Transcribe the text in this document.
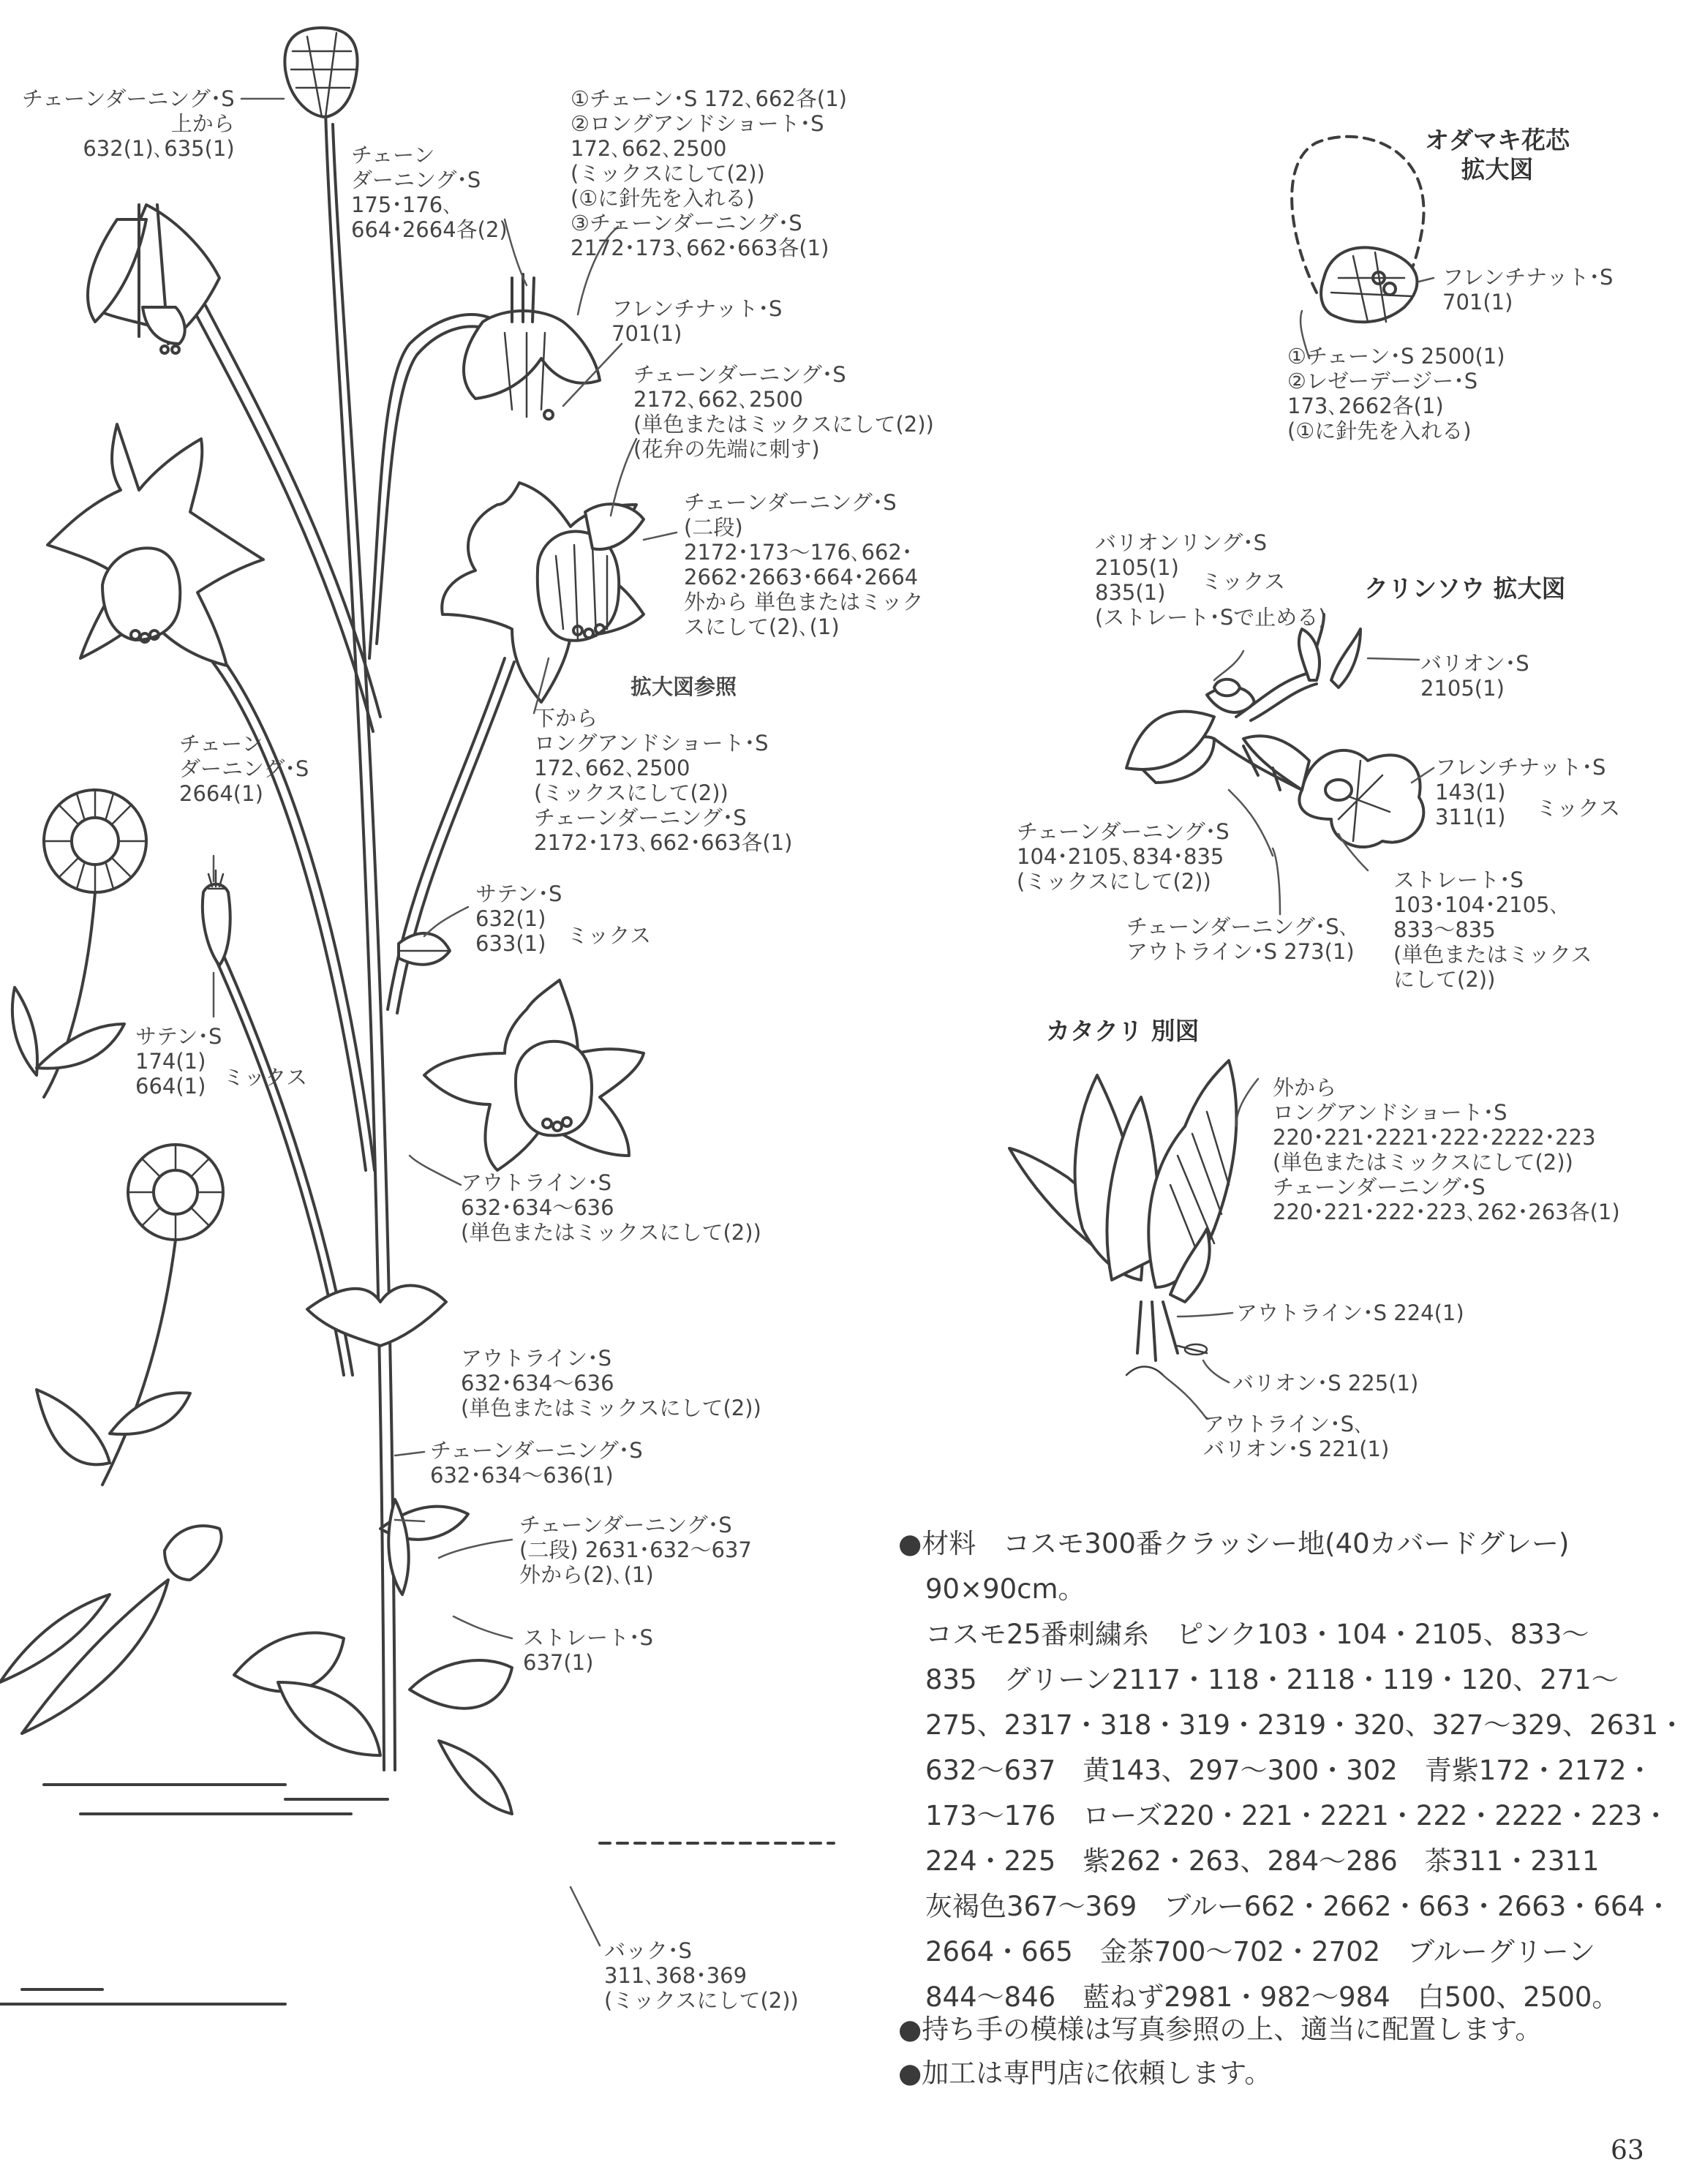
チェーンダーニング･S
上から
632(1)､635(1)	チェーン
ダーニング･S
175･176､
664･2664各(2)

①チェーン･S 172､662各(1)
②ロングアンドショート･S
172､662､2500
(ミックスにして(2))
(①に針先を入れる)
③チェーンダーニング･S
2172･173､662･663各(1)

フレンチナット･S
701(1)

チェーンダーニング･S
2172､662､2500
(単色またはミックスにして(2))
(花弁の先端に刺す)

チェーンダーニング･S
(二段)
2172･173～176､662･
2662･2663･664･2664
外から 単色またはミック
スにして(2)､(1)

拡大図参照

下から
ロングアンドショート･S
172､662､2500
(ミックスにして(2))
チェーンダーニング･S
2172･173､662･663各(1)

チェーン
ダーニング･S
2664(1)

サテン･S
632(1)
633(1) ミックス

サテン･S
174(1)
664(1) ミックス

アウトライン･S
632･634～636
(単色またはミックスにして(2))

アウトライン･S
632･634～636
(単色またはミックスにして(2))

チェーンダーニング･S
632･634～636(1)

チェーンダーニング･S
(二段) 2631･632～637
外から(2)､(1)

ストレート･S
637(1)

バック･S
311､368･369
(ミックスにして(2))

オダマキ花芯
拡大図

フレンチナット･S
701(1)

①チェーン･S 2500(1)
②レゼーデージー･S
173､2662各(1)
(①に針先を入れる)

バリオンリング･S
2105(1)
835(1)
(ストレート･Sで止める)

ミックス	クリンソウ 拡大図

バリオン･S
2105(1)

フレンチナット･S
143(1)
311(1)	ミックス

チェーンダーニング･S
104･2105､834･835
(ミックスにして(2))	ストレート･S
103･104･2105､
833～835
(単色またはミックス
にして(2))

チェーンダーニング･S､
アウトライン･S 273(1)

カタクリ 別図

外から
ロングアンドショート･S
220･221･2221･222･2222･223
(単色またはミックスにして(2))
チェーンダーニング･S
220･221･222･223､262･263各(1)

アウトライン･S 224(1)

バリオン･S 225(1)

アウトライン･S､
バリオン･S 221(1)

●材料　コスモ300番クラッシー地(40カバードグレー)

　90×90cm。

　コスモ25番刺繍糸　ピンク103・104・2105、833～

　835　グリーン2117・118・2118・119・120、271～

　275、2317・318・319・2319・320、327～329、2631・

　632～637　黄143、297～300・302　青紫172・2172・

　173～176　ローズ220・221・2221・222・2222・223・

　224・225　紫262・263、284～286　茶311・2311

　灰褐色367～369　ブルー662・2662・663・2663・664・

　2664・665　金茶700～702・2702　ブルーグリーン

　844～846　藍ねず2981・982～984　白500、2500。

●持ち手の模様は写真参照の上、適当に配置します。

●加工は専門店に依頼します。

63
